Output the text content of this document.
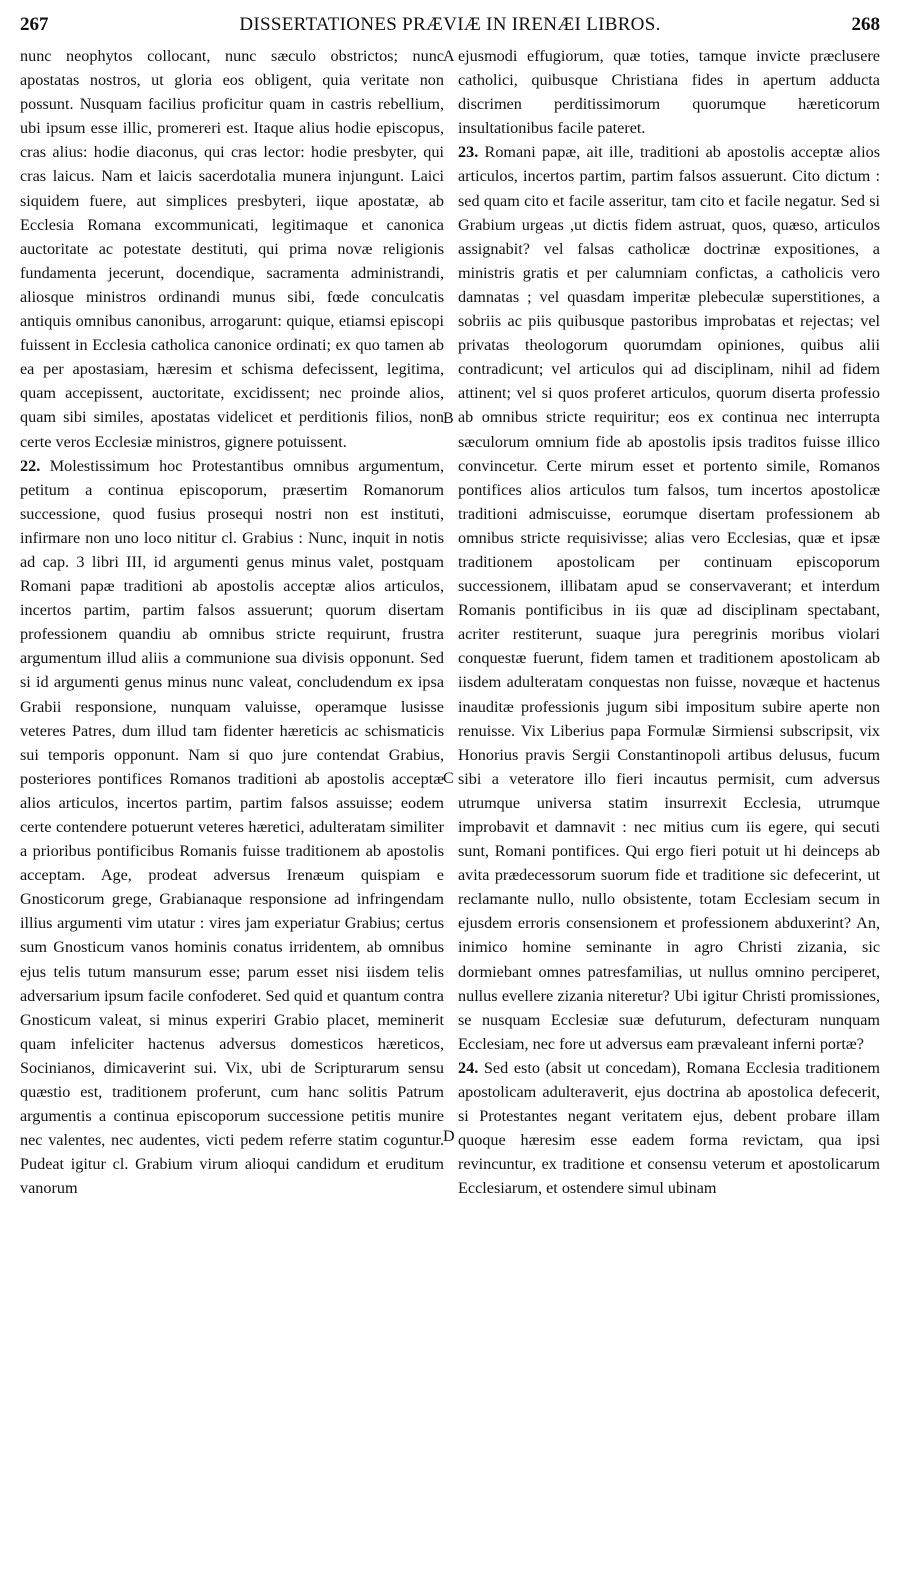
267	DISSERTATIONES PRÆVIÆ IN IRENÆI LIBROS.	268

nunc neophytos collocant, nunc sæculo obstrictos; nunc apostatas nostros, ut gloria eos obligent, quia veritate non possunt. Nusquam facilius proficitur quam in castris rebellium, ubi ipsum esse illic, promereri est. Itaque alius hodie episcopus, cras alius: hodie diaconus, qui cras lector: hodie presbyter, qui cras laicus. Nam et laicis sacerdotalia munera injungunt. Laici siquidem fuere, aut simplices presbyteri, iique apostatæ, ab Ecclesia Romana excommunicati, legitimaque et canonica auctoritate ac potestate destituti, qui prima novæ religionis fundamenta jecerunt, docendique, sacramenta administrandi, aliosque ministros ordinandi munus sibi, fœde conculcatis antiquis omnibus canonibus, arrogarunt: quique, etiamsi episcopi fuissent in Ecclesia catholica canonice ordinati; ex quo tamen ab ea per apostasiam, hæresim et schisma defecissent, legitima, quam accepissent, auctoritate, excidissent; nec proinde alios, quam sibi similes, apostatas videlicet et perditionis filios, non certe veros Ecclesiæ ministros, gignere potuissent.

22. Molestissimum hoc Protestantibus omnibus argumentum, petitum a continua episcoporum, præsertim Romanorum successione, quod fusius prosequi nostri non est instituti, infirmare non uno loco nititur cl. Grabius : Nunc, inquit in notis ad cap. 3 libri III, id argumenti genus minus valet, postquam Romani papæ traditioni ab apostolis acceptæ alios articulos, incertos partim, partim falsos assuerunt; quorum disertam professionem quandiu ab omnibus stricte requirunt, frustra argumentum illud aliis a communione sua divisis opponunt. Sed si id argumenti genus minus nunc valeat, concludendum ex ipsa Grabii responsione, nunquam valuisse, operamque lusisse veteres Patres, dum illud tam fidenter hæreticis ac schismaticis sui temporis opponunt. Nam si quo jure contendat Grabius, posteriores pontifices Romanos traditioni ab apostolis acceptæ alios articulos, incertos partim, partim falsos assuisse; eodem certe contendere potuerunt veteres hæretici, adulteratam similiter a prioribus pontificibus Romanis fuisse traditionem ab apostolis acceptam. Age, prodeat adversus Irenæum quispiam e Gnosticorum grege, Grabianaque responsione ad infringendam illius argumenti vim utatur : vires jam experiatur Grabius; certus sum Gnosticum vanos hominis conatus irridentem, ab omnibus ejus telis tutum mansurum esse; parum esset nisi iisdem telis adversarium ipsum facile confoderet. Sed quid et quantum contra Gnosticum valeat, si minus experiri Grabio placet, meminerit quam infeliciter hactenus adversus domesticos hæreticos, Socinianos, dimicaverint sui. Vix, ubi de Scripturarum sensu quæstio est, traditionem proferunt, cum hanc solitis Patrum argumentis a continua episcoporum successione petitis munire nec valentes, nec audentes, victi pedem referre statim coguntur. Pudeat igitur cl. Grabium virum alioqui candidum et eruditum vanorum

A
B
C
D

ejusmodi effugiorum, quæ toties, tamque invicte præclusere catholici, quibusque Christiana fides in apertum adducta discrimen perditissimorum quorumque hæreticorum insultationibus facile pateret.

23. Romani papæ, ait ille, traditioni ab apostolis acceptæ alios articulos, incertos partim, partim falsos assuerunt. Cito dictum : sed quam cito et facile asseritur, tam cito et facile negatur. Sed si Grabium urgeas ,ut dictis fidem astruat, quos, quæso, articulos assignabit? vel falsas catholicæ doctrinæ expositiones, a ministris gratis et per calumniam confictas, a catholicis vero damnatas ; vel quasdam imperitæ plebeculæ superstitiones, a sobriis ac piis quibusque pastoribus improbatas et rejectas; vel privatas theologorum quorumdam opiniones, quibus alii contradicunt; vel articulos qui ad disciplinam, nihil ad fidem attinent; vel si quos proferet articulos, quorum diserta professio ab omnibus stricte requiritur; eos ex continua nec interrupta sæculorum omnium fide ab apostolis ipsis traditos fuisse illico convincetur. Certe mirum esset et portento simile, Romanos pontifices alios articulos tum falsos, tum incertos apostolicæ traditioni admiscuisse, eorumque disertam professionem ab omnibus stricte requisivisse; alias vero Ecclesias, quæ et ipsæ traditionem apostolicam per continuam episcoporum successionem, illibatam apud se conservaverant; et interdum Romanis pontificibus in iis quæ ad disciplinam spectabant, acriter restiterunt, suaque jura peregrinis moribus violari conquestæ fuerunt, fidem tamen et traditionem apostolicam ab iisdem adulteratam conquestas non fuisse, novæque et hactenus inauditæ professionis jugum sibi impositum subire aperte non renuisse. Vix Liberius papa Formulæ Sirmiensi subscripsit, vix Honorius pravis Sergii Constantinopoli artibus delusus, fucum sibi a veteratore illo fieri incautus permisit, cum adversus utrumque universa statim insurrexit Ecclesia, utrumque improbavit et damnavit : nec mitius cum iis egere, qui secuti sunt, Romani pontifices. Qui ergo fieri potuit ut hi deinceps ab avita prædecessorum suorum fide et traditione sic defecerint, ut reclamante nullo, nullo obsistente, totam Ecclesiam secum in ejusdem erroris consensionem et professionem abduxerint? An, inimico homine seminante in agro Christi zizania, sic dormiebant omnes patresfamilias, ut nullus omnino perciperet, nullus evellere zizania niteretur? Ubi igitur Christi promissiones, se nusquam Ecclesiæ suæ defuturum, defecturam nunquam Ecclesiam, nec fore ut adversus eam prævaleant inferni portæ?

24. Sed esto (absit ut concedam), Romana Ecclesia traditionem apostolicam adulteraverit, ejus doctrina ab apostolica defecerit, si Protestantes negant veritatem ejus, debent probare illam quoque hæresim esse eadem forma revictam, qua ipsi revincuntur, ex traditione et consensu veterum et apostolicarum Ecclesiarum, et ostendere simul ubinam
